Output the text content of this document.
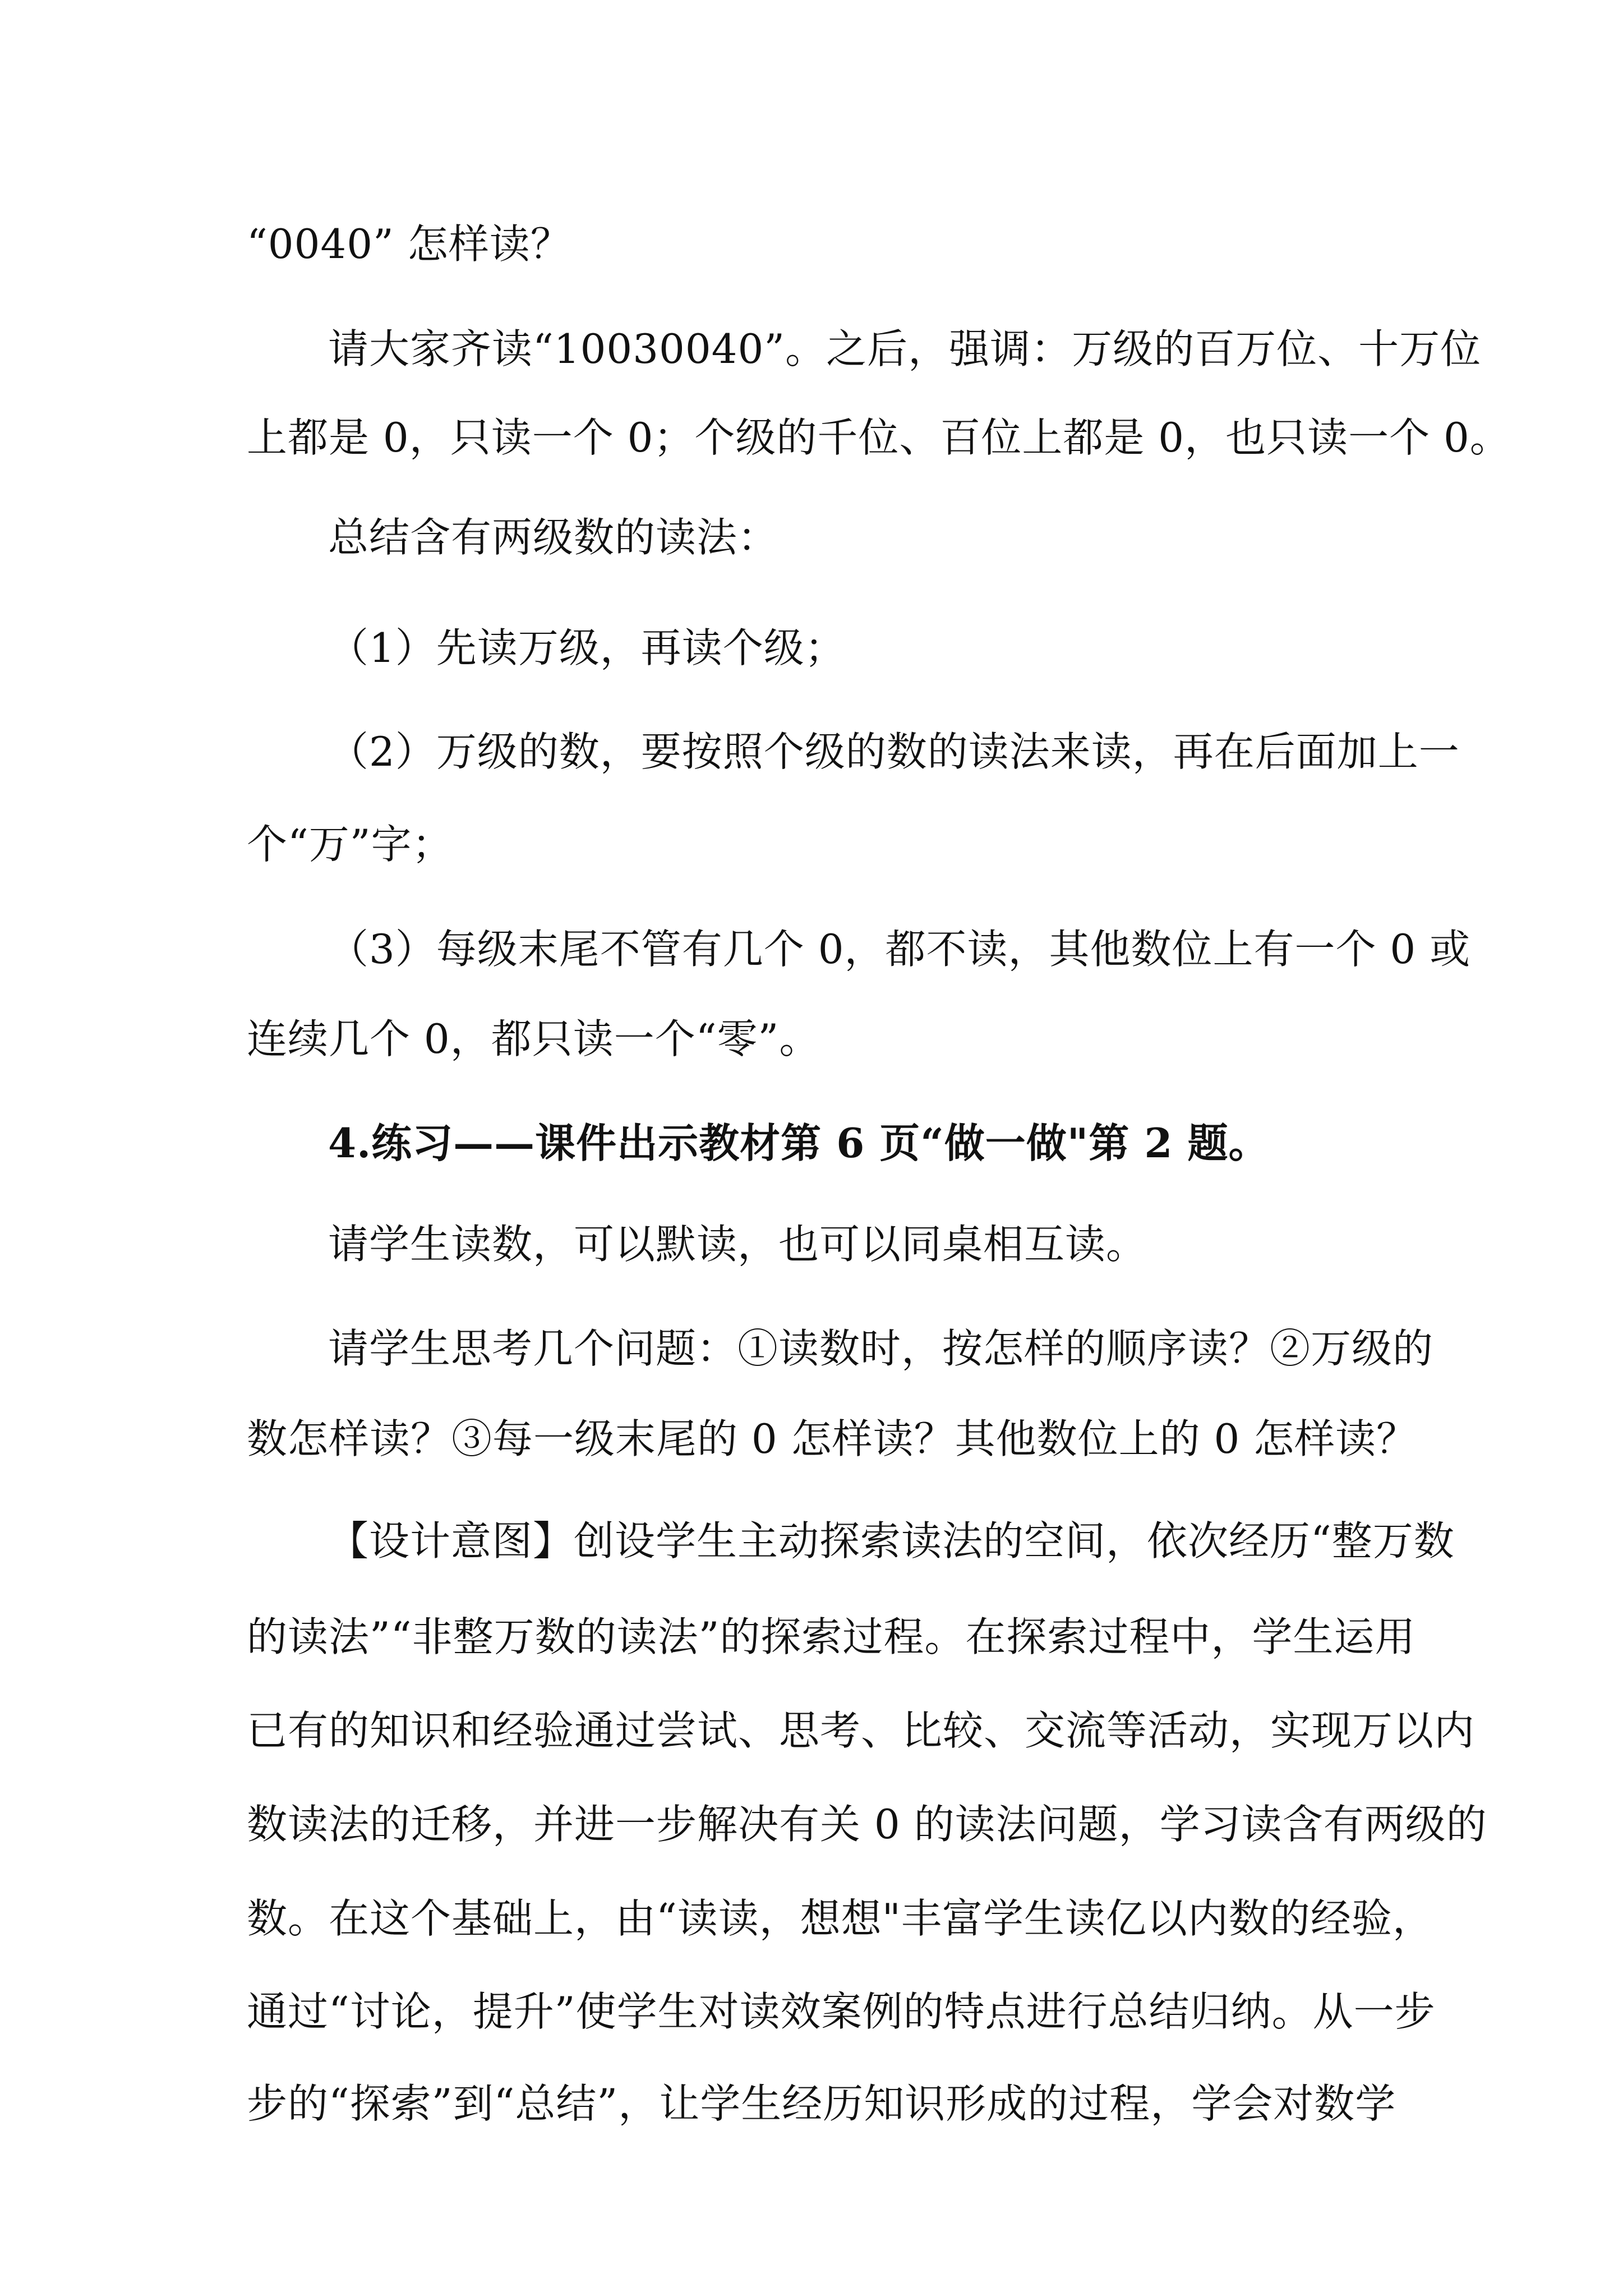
“0040” 怎样读？
请大家齐读“10030040”。之后，强调：万级的百万位、十万位
上都是 0，只读一个 0；个级的千位、百位上都是 0，也只读一个 0。
总结含有两级数的读法：
（1）先读万级，再读个级；
（2）万级的数，要按照个级的数的读法来读，再在后面加上一
个“万”字；
（3）每级末尾不管有几个 0，都不读，其他数位上有一个 0 或
连续几个 0，都只读一个“零”。
4.练习——课件出示教材第 6 页“做一做"第 2 题。
请学生读数，可以默读，也可以同桌相互读。
请学生思考几个问题：①读数时，按怎样的顺序读？②万级的
数怎样读？③每一级末尾的 0 怎样读？其他数位上的 0 怎样读？
【设计意图】创设学生主动探索读法的空间，依次经历“整万数
的读法”“非整万数的读法”的探索过程。在探索过程中，学生运用
已有的知识和经验通过尝试、思考、比较、交流等活动，实现万以内
数读法的迁移，并进一步解决有关 0 的读法问题，学习读含有两级的
数。在这个基础上，由“读读，想想"丰富学生读亿以内数的经验，
通过“讨论，提升”使学生对读效案例的特点进行总结归纳。从一步
步的“探索”到“总结”，让学生经历知识形成的过程，学会对数学
